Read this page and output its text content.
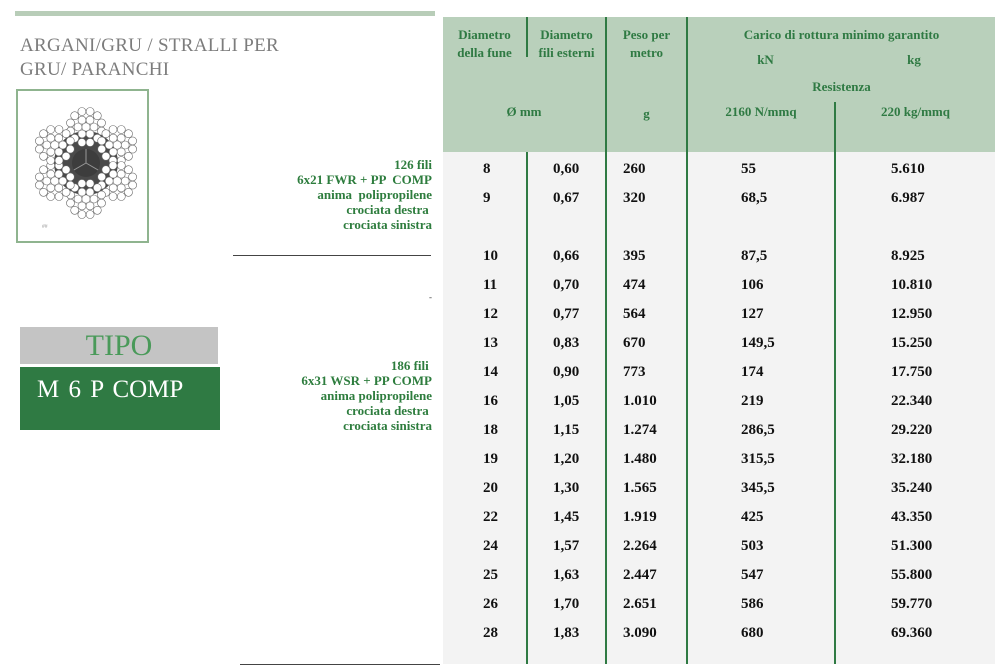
ARGANI/GRU / STRALLI PER
GRU/ PARANCHI
##
126 fili
6x21 FWR + PP  COMP
anima  polipropilene
crociata destra
crociata sinistra
-
186 fili
6x31 WSR + PP COMP
anima polipropilene
crociata destra
crociata sinistra
TIPO
M 6 P COMP
Diametro
della fune
Diametro
fili esterni
Peso per
metro
Carico di rottura minimo garantito
kN	kg
Resistenza
Ø mm	g	2160 N/mmq	220 kg/mmq
8	0,60	260	55	5.610
9	0,67	320	68,5	6.987
10	0,66	395	87,5	8.925
11	0,70	474	106	10.810
12	0,77	564	127	12.950
13	0,83	670	149,5	15.250
14	0,90	773	174	17.750
16	1,05	1.010	219	22.340
18	1,15	1.274	286,5	29.220
19	1,20	1.480	315,5	32.180
20	1,30	1.565	345,5	35.240
22	1,45	1.919	425	43.350
24	1,57	2.264	503	51.300
25	1,63	2.447	547	55.800
26	1,70	2.651	586	59.770
28	1,83	3.090	680	69.360
